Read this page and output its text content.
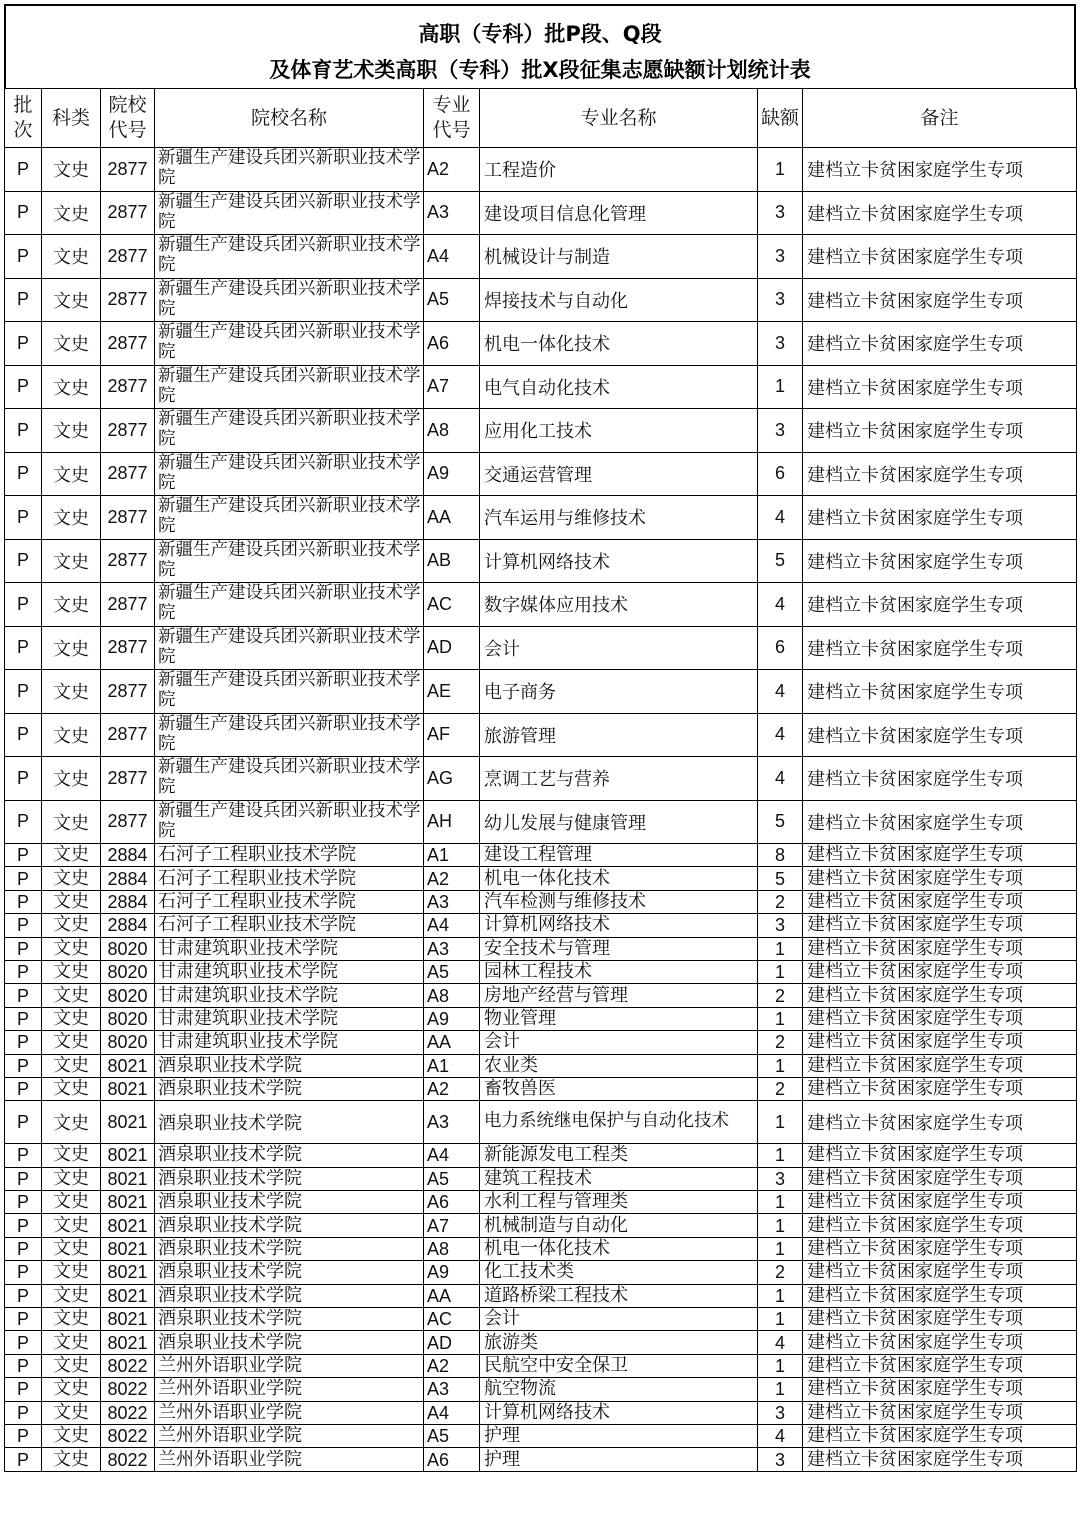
高职（专科）批P段、Q段
及体育艺术类高职（专科）批X段征集志愿缺额计划统计表
批次	科类	院校代号	院校名称	专业代号	专业名称	缺额	备注
P	文史	2877	新疆生产建设兵团兴新职业技术学院	A2	工程造价	1	建档立卡贫困家庭学生专项
P	文史	2877	新疆生产建设兵团兴新职业技术学院	A3	建设项目信息化管理	3	建档立卡贫困家庭学生专项
P	文史	2877	新疆生产建设兵团兴新职业技术学院	A4	机械设计与制造	3	建档立卡贫困家庭学生专项
P	文史	2877	新疆生产建设兵团兴新职业技术学院	A5	焊接技术与自动化	3	建档立卡贫困家庭学生专项
P	文史	2877	新疆生产建设兵团兴新职业技术学院	A6	机电一体化技术	3	建档立卡贫困家庭学生专项
P	文史	2877	新疆生产建设兵团兴新职业技术学院	A7	电气自动化技术	1	建档立卡贫困家庭学生专项
P	文史	2877	新疆生产建设兵团兴新职业技术学院	A8	应用化工技术	3	建档立卡贫困家庭学生专项
P	文史	2877	新疆生产建设兵团兴新职业技术学院	A9	交通运营管理	6	建档立卡贫困家庭学生专项
P	文史	2877	新疆生产建设兵团兴新职业技术学院	AA	汽车运用与维修技术	4	建档立卡贫困家庭学生专项
P	文史	2877	新疆生产建设兵团兴新职业技术学院	AB	计算机网络技术	5	建档立卡贫困家庭学生专项
P	文史	2877	新疆生产建设兵团兴新职业技术学院	AC	数字媒体应用技术	4	建档立卡贫困家庭学生专项
P	文史	2877	新疆生产建设兵团兴新职业技术学院	AD	会计	6	建档立卡贫困家庭学生专项
P	文史	2877	新疆生产建设兵团兴新职业技术学院	AE	电子商务	4	建档立卡贫困家庭学生专项
P	文史	2877	新疆生产建设兵团兴新职业技术学院	AF	旅游管理	4	建档立卡贫困家庭学生专项
P	文史	2877	新疆生产建设兵团兴新职业技术学院	AG	烹调工艺与营养	4	建档立卡贫困家庭学生专项
P	文史	2877	新疆生产建设兵团兴新职业技术学院	AH	幼儿发展与健康管理	5	建档立卡贫困家庭学生专项
P	文史	2884	石河子工程职业技术学院	A1	建设工程管理	8	建档立卡贫困家庭学生专项
P	文史	2884	石河子工程职业技术学院	A2	机电一体化技术	5	建档立卡贫困家庭学生专项
P	文史	2884	石河子工程职业技术学院	A3	汽车检测与维修技术	2	建档立卡贫困家庭学生专项
P	文史	2884	石河子工程职业技术学院	A4	计算机网络技术	3	建档立卡贫困家庭学生专项
P	文史	8020	甘肃建筑职业技术学院	A3	安全技术与管理	1	建档立卡贫困家庭学生专项
P	文史	8020	甘肃建筑职业技术学院	A5	园林工程技术	1	建档立卡贫困家庭学生专项
P	文史	8020	甘肃建筑职业技术学院	A8	房地产经营与管理	2	建档立卡贫困家庭学生专项
P	文史	8020	甘肃建筑职业技术学院	A9	物业管理	1	建档立卡贫困家庭学生专项
P	文史	8020	甘肃建筑职业技术学院	AA	会计	2	建档立卡贫困家庭学生专项
P	文史	8021	酒泉职业技术学院	A1	农业类	1	建档立卡贫困家庭学生专项
P	文史	8021	酒泉职业技术学院	A2	畜牧兽医	2	建档立卡贫困家庭学生专项
P	文史	8021	酒泉职业技术学院	A3	电力系统继电保护与自动化技术	1	建档立卡贫困家庭学生专项
P	文史	8021	酒泉职业技术学院	A4	新能源发电工程类	1	建档立卡贫困家庭学生专项
P	文史	8021	酒泉职业技术学院	A5	建筑工程技术	3	建档立卡贫困家庭学生专项
P	文史	8021	酒泉职业技术学院	A6	水利工程与管理类	1	建档立卡贫困家庭学生专项
P	文史	8021	酒泉职业技术学院	A7	机械制造与自动化	1	建档立卡贫困家庭学生专项
P	文史	8021	酒泉职业技术学院	A8	机电一体化技术	1	建档立卡贫困家庭学生专项
P	文史	8021	酒泉职业技术学院	A9	化工技术类	2	建档立卡贫困家庭学生专项
P	文史	8021	酒泉职业技术学院	AA	道路桥梁工程技术	1	建档立卡贫困家庭学生专项
P	文史	8021	酒泉职业技术学院	AC	会计	1	建档立卡贫困家庭学生专项
P	文史	8021	酒泉职业技术学院	AD	旅游类	4	建档立卡贫困家庭学生专项
P	文史	8022	兰州外语职业学院	A2	民航空中安全保卫	1	建档立卡贫困家庭学生专项
P	文史	8022	兰州外语职业学院	A3	航空物流	1	建档立卡贫困家庭学生专项
P	文史	8022	兰州外语职业学院	A4	计算机网络技术	3	建档立卡贫困家庭学生专项
P	文史	8022	兰州外语职业学院	A5	护理	4	建档立卡贫困家庭学生专项
P	文史	8022	兰州外语职业学院	A6	护理	3	建档立卡贫困家庭学生专项
